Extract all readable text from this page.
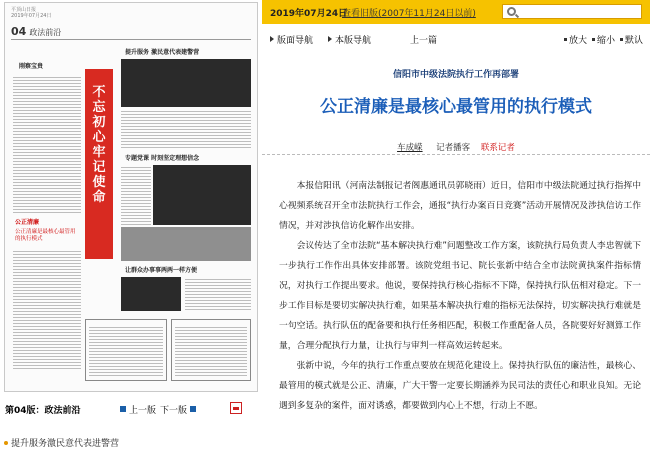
平顶山日报
2019年07月24日
04 政法前沿
刚察宝贵
公正清廉
公正清廉是最核心最管用的执行模式
不忘初心 牢记使命
提升服务 激民意代表建警营
专题党课 时刻坚定理想信念
让群众办事事两两一样方便
第04版：政法前沿	上一版 下一版
提升服务激民意代表进警营
2019年07月24日
查看旧版(2007年11月24日以前)
版面导航	本版导航	上一篇	放大	缩小	默认
信阳市中级法院执行工作再部署
公正清廉是最核心最管用的执行模式
车成嵘 记者播客 联系记者

本报信阳讯（河南法制报记者阁惠通讯员郭晓雨）近日，信阳市中级法院通过执行指挥中心视频系统召开全市法院执行工作会，通报“执行办案百日竞赛”活动开展情况及涉执信访工作情况，并对涉执信访化解作出安排。

会议传达了全市法院“基本解决执行难”问题整改工作方案，该院执行局负责人李忠智就下一步执行工作作出具体安排部署。该院党组书记、院长张新中结合全市法院黄执案件指标情况，对执行工作提出要求。他说，要保持执行核心指标不下降，保持执行队伍相对稳定。下一步工作目标是要切实解决执行难，如果基本解决执行难的指标无法保持，切实解决执行难就是一句空话。执行队伍的配备要和执行任务相匹配，积极工作重配备人员，各院要好好测算工作量，合理分配执行力量，让执行与审判一样高效运转起来。

张新中说，今年的执行工作重点要放在规范化建设上。保持执行队伍的廉洁性，最核心、最管用的模式就是公正、清廉，广大干警一定要长期涵养为民司法的责任心和职业良知。无论遇到多复杂的案件，面对诱惑，都要做到内心上不想，行动上不愿。
